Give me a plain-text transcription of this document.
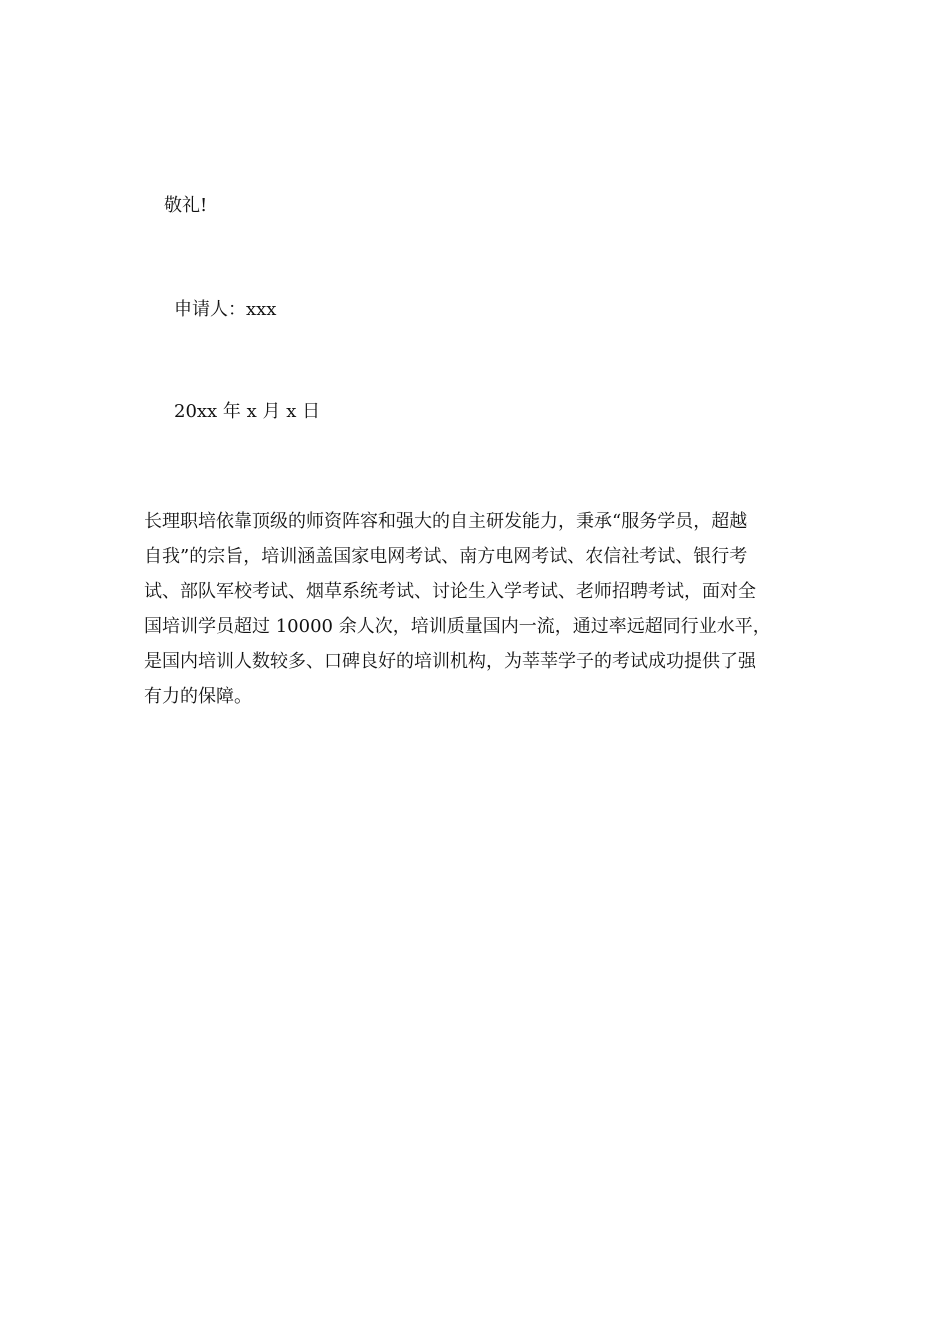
敬礼!
申请人：xxx
20xx 年 x 月 x 日
长理职培依靠顶级的师资阵容和强大的自主研发能力，秉承“服务学员，超越
自我”的宗旨，培训涵盖国家电网考试、南方电网考试、农信社考试、银行考
试、部队军校考试、烟草系统考试、讨论生入学考试、老师招聘考试，面对全
国培训学员超过 10000 余人次，培训质量国内一流，通过率远超同行业水平，
是国内培训人数较多、口碑良好的培训机构，为莘莘学子的考试成功提供了强
有力的保障。
